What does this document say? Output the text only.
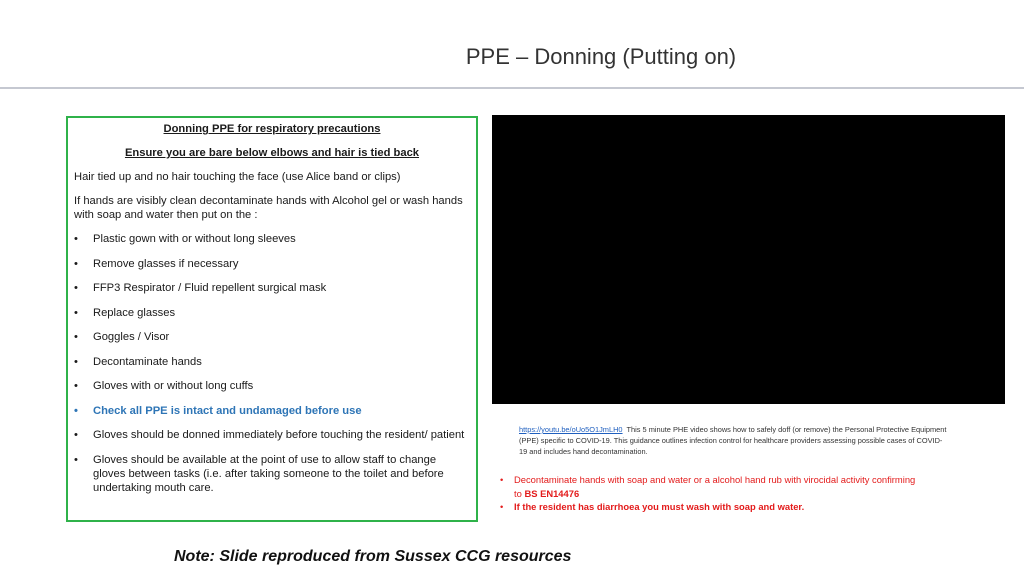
PPE – Donning (Putting on)
Donning PPE for respiratory precautions
Ensure you are bare below elbows and hair is tied back

Hair tied up and no hair touching the face (use Alice band or clips)

If hands are visibly clean decontaminate hands with Alcohol gel or wash hands with soap and water then put on the :

• Plastic gown with or without long sleeves
• Remove glasses if necessary
• FFP3 Respirator / Fluid repellent surgical mask
• Replace glasses
• Goggles / Visor
• Decontaminate hands
• Gloves with or without long cuffs
• Check all PPE is intact and undamaged before use
• Gloves should be donned immediately before touching the resident/ patient
• Gloves should be available at the point of use to allow staff to change gloves between tasks (i.e. after taking someone to the toilet and before undertaking mouth care.
https://youtu.be/oUo5O1JmLH0 This 5 minute PHE video shows how to safely doff (or remove) the Personal Protective Equipment (PPE) specific to COVID-19. This guidance outlines infection control for healthcare providers assessing possible cases of COVID-19 and includes hand decontamination.
• Decontaminate hands with soap and water or a alcohol hand rub with virocidal activity confirming to BS EN14476
• If the resident has diarrhoea you must wash with soap and water.
Note: Slide reproduced from Sussex CCG resources
